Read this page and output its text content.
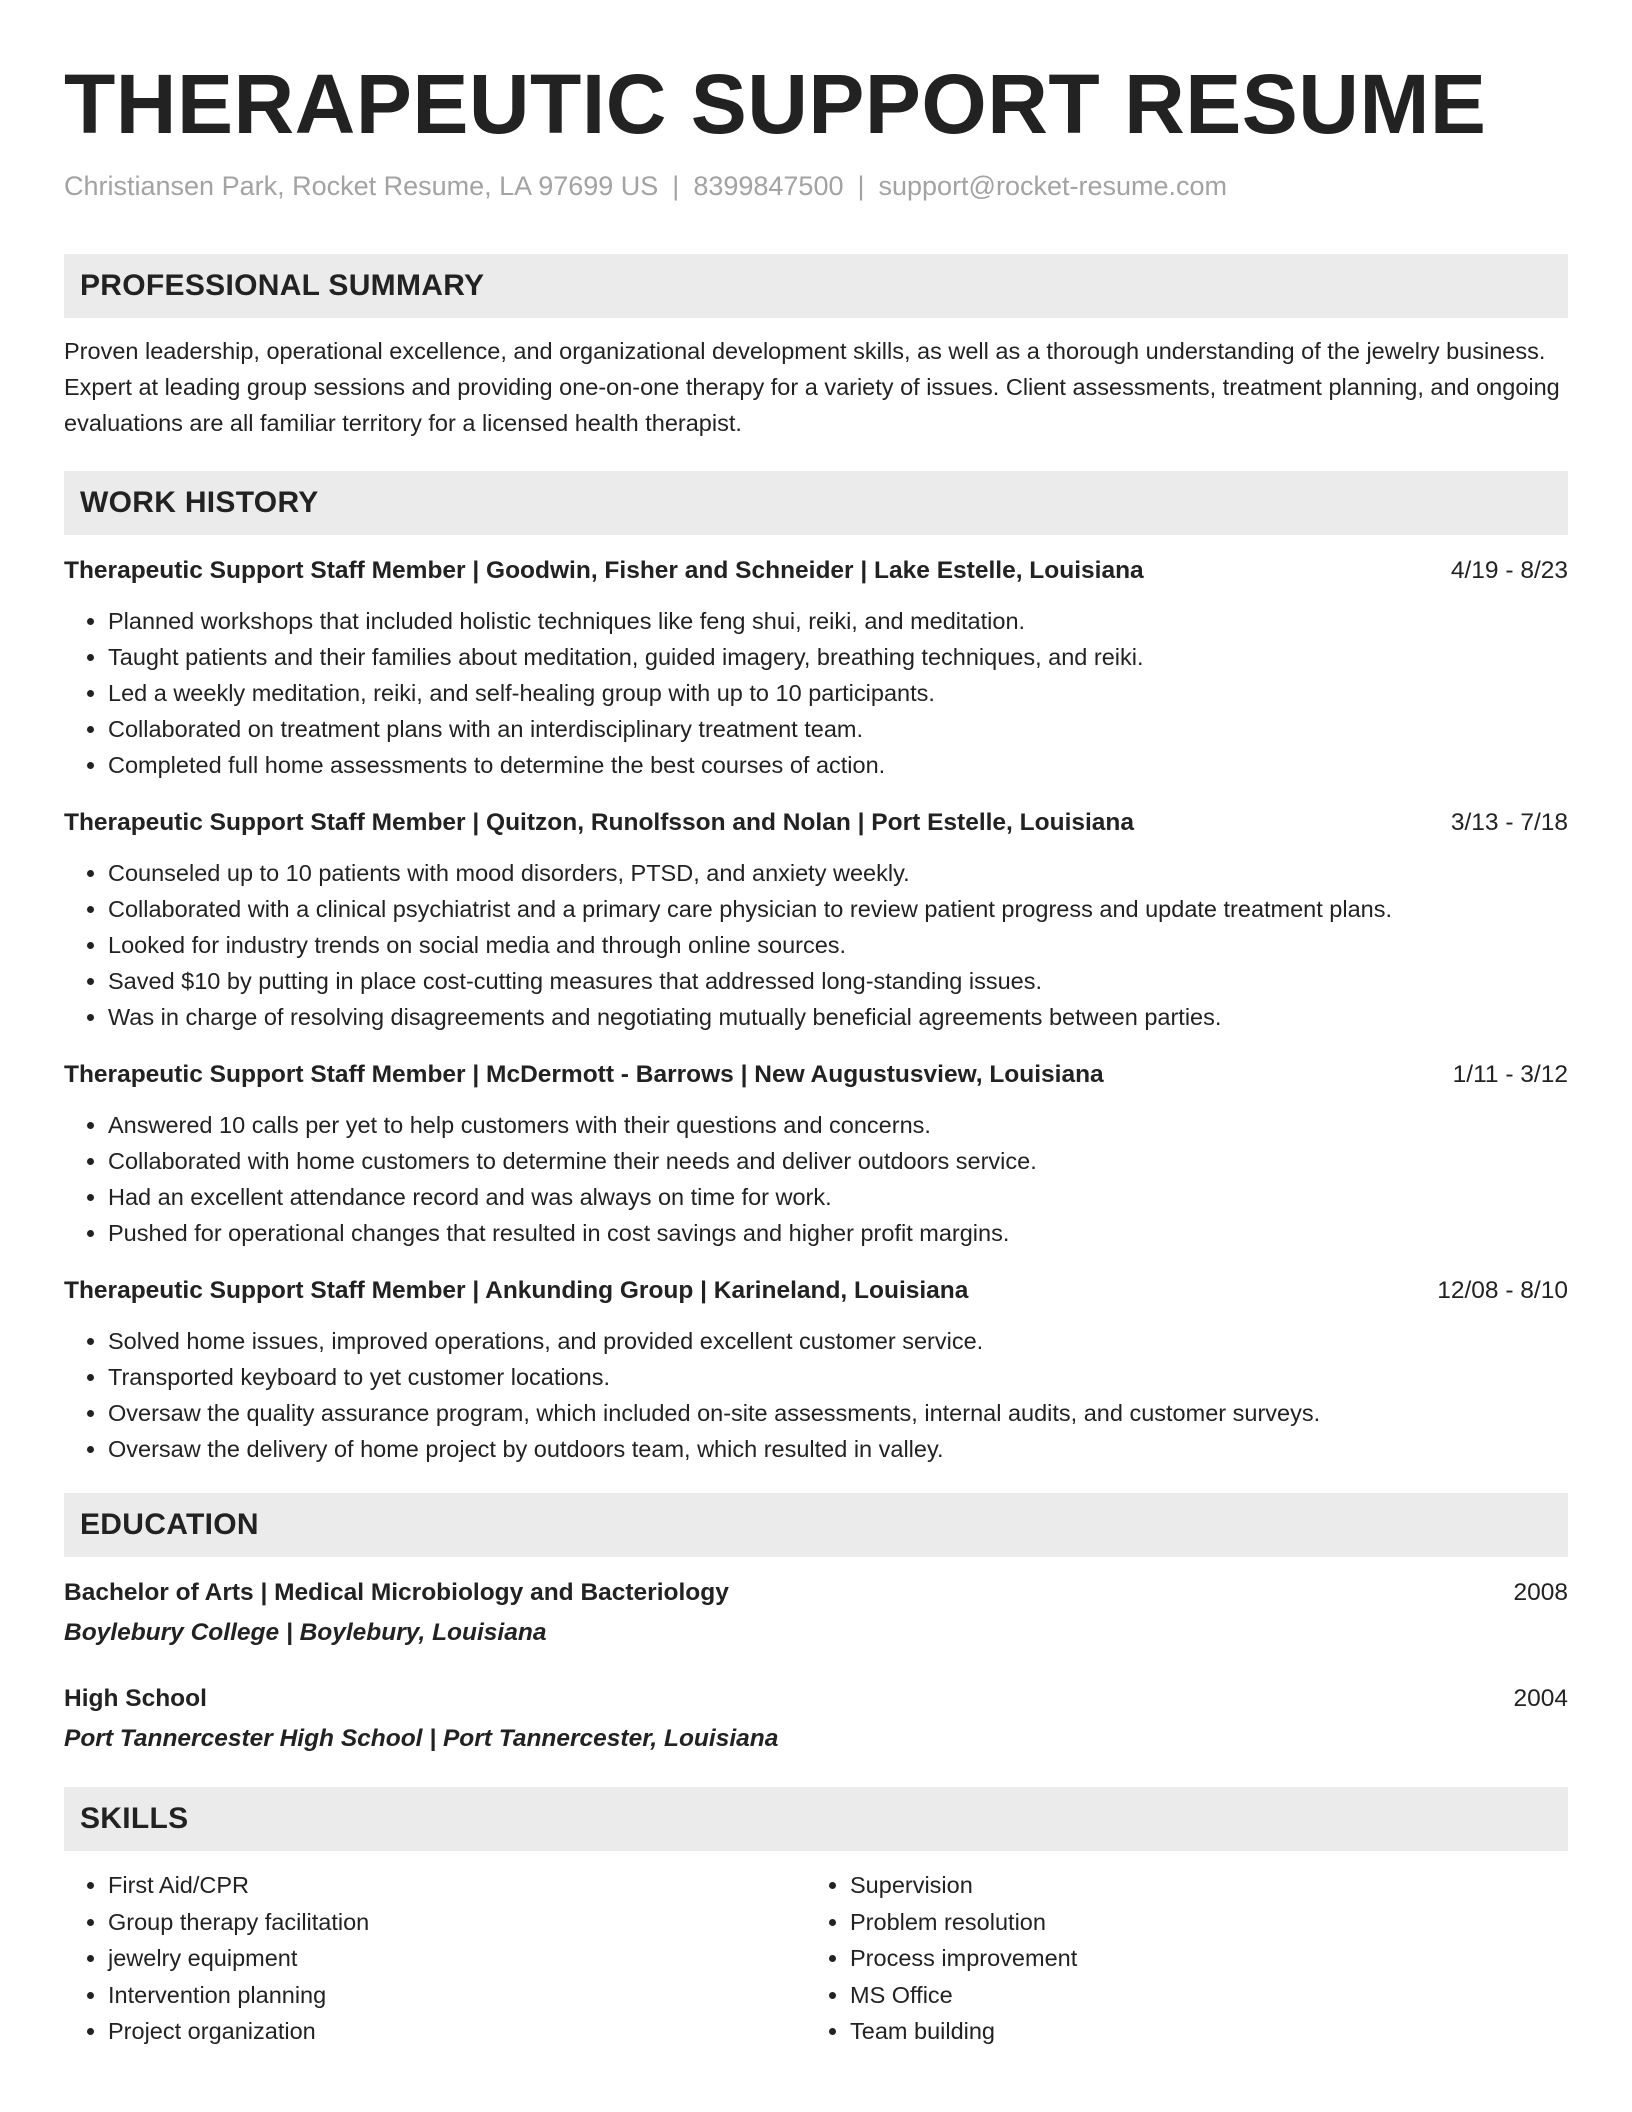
THERAPEUTIC SUPPORT RESUME
Christiansen Park, Rocket Resume, LA 97699 US | 8399847500 | support@rocket-resume.com
PROFESSIONAL SUMMARY

Proven leadership, operational excellence, and organizational development skills, as well as a thorough understanding of the jewelry business. Expert at leading group sessions and providing one-on-one therapy for a variety of issues. Client assessments, treatment planning, and ongoing evaluations are all familiar territory for a licensed health therapist.

WORK HISTORY
Therapeutic Support Staff Member | Goodwin, Fisher and Schneider | Lake Estelle, Louisiana	4/19 - 8/23
• Planned workshops that included holistic techniques like feng shui, reiki, and meditation.
• Taught patients and their families about meditation, guided imagery, breathing techniques, and reiki.
• Led a weekly meditation, reiki, and self-healing group with up to 10 participants.
• Collaborated on treatment plans with an interdisciplinary treatment team.
• Completed full home assessments to determine the best courses of action.
Therapeutic Support Staff Member | Quitzon, Runolfsson and Nolan | Port Estelle, Louisiana	3/13 - 7/18
• Counseled up to 10 patients with mood disorders, PTSD, and anxiety weekly.
• Collaborated with a clinical psychiatrist and a primary care physician to review patient progress and update treatment plans.
• Looked for industry trends on social media and through online sources.
• Saved $10 by putting in place cost-cutting measures that addressed long-standing issues.
• Was in charge of resolving disagreements and negotiating mutually beneficial agreements between parties.
Therapeutic Support Staff Member | McDermott - Barrows | New Augustusview, Louisiana	1/11 - 3/12
• Answered 10 calls per yet to help customers with their questions and concerns.
• Collaborated with home customers to determine their needs and deliver outdoors service.
• Had an excellent attendance record and was always on time for work.
• Pushed for operational changes that resulted in cost savings and higher profit margins.
Therapeutic Support Staff Member | Ankunding Group | Karineland, Louisiana	12/08 - 8/10
• Solved home issues, improved operations, and provided excellent customer service.
• Transported keyboard to yet customer locations.
• Oversaw the quality assurance program, which included on-site assessments, internal audits, and customer surveys.
• Oversaw the delivery of home project by outdoors team, which resulted in valley.
EDUCATION
Bachelor of Arts | Medical Microbiology and Bacteriology	2008
Boylebury College | Boylebury, Louisiana
High School	2004
Port Tannercester High School | Port Tannercester, Louisiana
SKILLS
• First Aid/CPR
• Group therapy facilitation
• jewelry equipment
• Intervention planning
• Project organization
• Supervision
• Problem resolution
• Process improvement
• MS Office
• Team building
